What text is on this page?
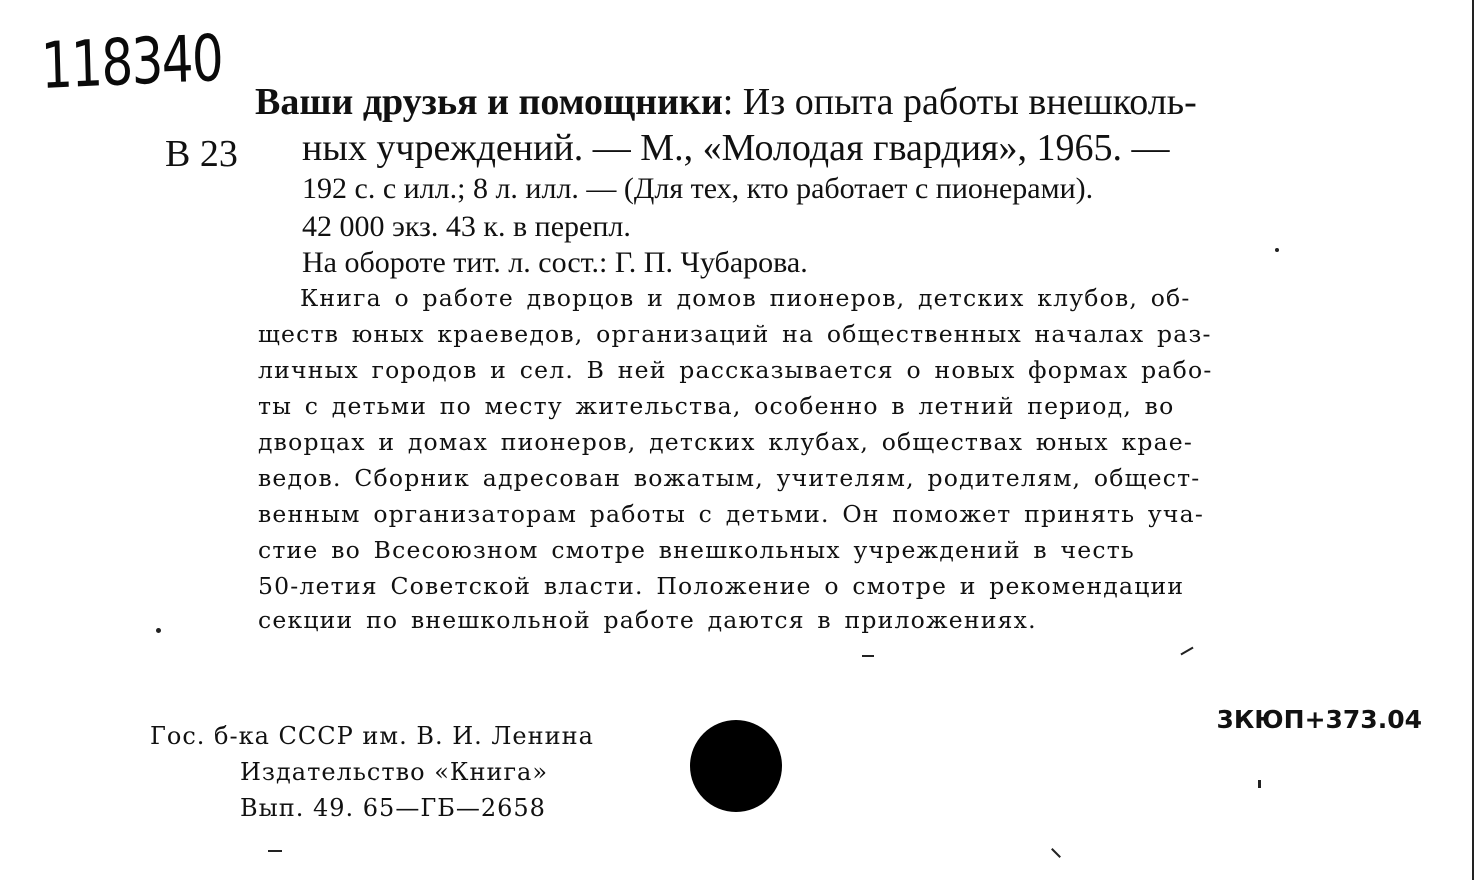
118340
В 23
Ваши друзья и помощники: Из опыта работы внешколь-
ных учреждений. — М., «Молодая гвардия», 1965. —
192 с. с илл.; 8 л. илл. — (Для тех, кто работает с пионерами).
42 000 экз. 43 к. в перепл.
На обороте тит. л. сост.: Г. П. Чубарова.
Книга о работе дворцов и домов пионеров, детских клубов, об-
ществ юных краеведов, организаций на общественных началах раз-
личных городов и сел. В ней рассказывается о новых формах рабо-
ты с детьми по месту жительства, особенно в летний период, во
дворцах и домах пионеров, детских клубах, обществах юных крае-
ведов. Сборник адресован вожатым, учителям, родителям, общест-
венным организаторам работы с детьми. Он поможет принять уча-
стие во Всесоюзном смотре внешкольных учреждений в честь
50-летия Советской власти. Положение о смотре и рекомендации
секции по внешкольной работе даются в приложениях.
Гос. б-ка СССР им. В. И. Ленина
Издательство «Книга»
Вып. 49. 65—ГБ—2658
3КЮП+373.04
